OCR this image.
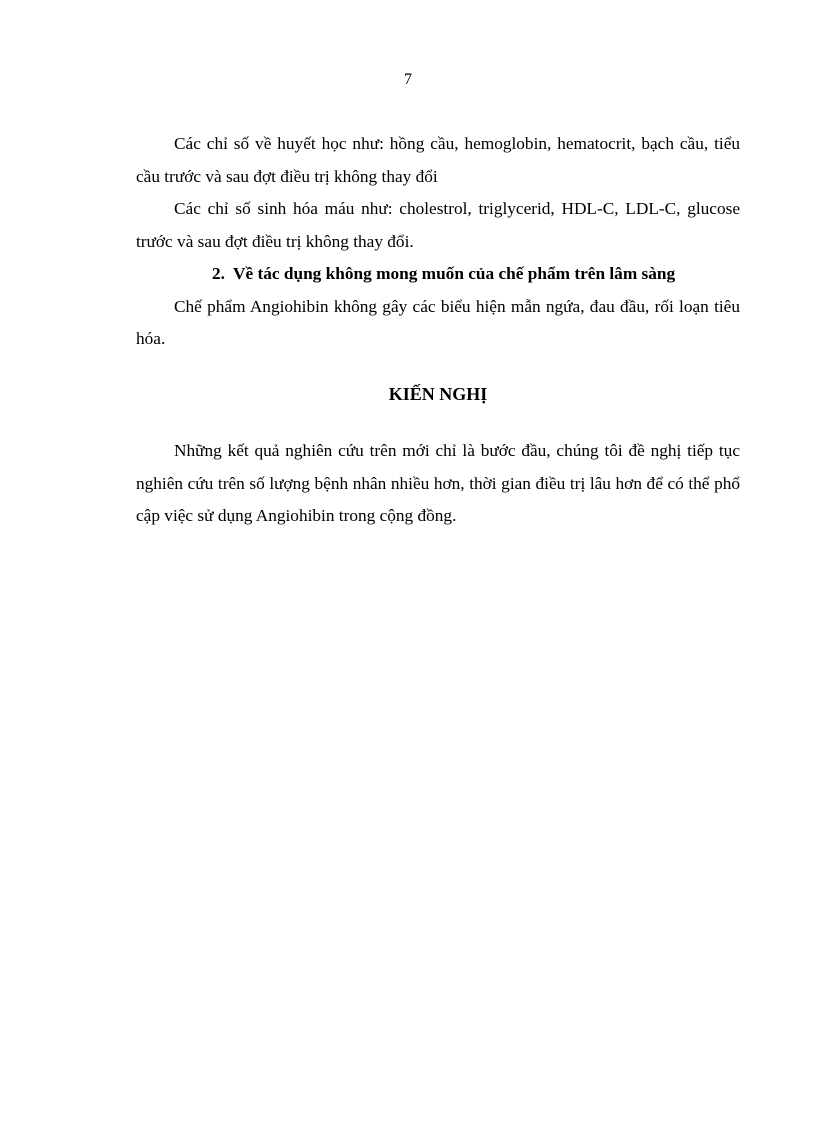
7

Các chỉ số về huyết học như: hồng cầu, hemoglobin, hematocrit, bạch cầu, tiểu cầu trước và sau đợt điều trị không thay đổi

Các chỉ số sinh hóa máu như: cholestrol, triglycerid, HDL-C, LDL-C, glucose trước và sau đợt điều trị không thay đổi.

2. Về tác dụng không mong muốn của chế phẩm trên lâm sàng

Chế phẩm Angiohibin không gây các biểu hiện mẫn ngứa, đau đầu, rối loạn tiêu hóa.

KIẾN NGHỊ

Những kết quả nghiên cứu trên mới chỉ là bước đầu, chúng tôi đề nghị tiếp tục nghiên cứu trên số lượng bệnh nhân nhiều hơn, thời gian điều trị lâu hơn để có thể phổ cập việc sử dụng Angiohibin trong cộng đồng.
